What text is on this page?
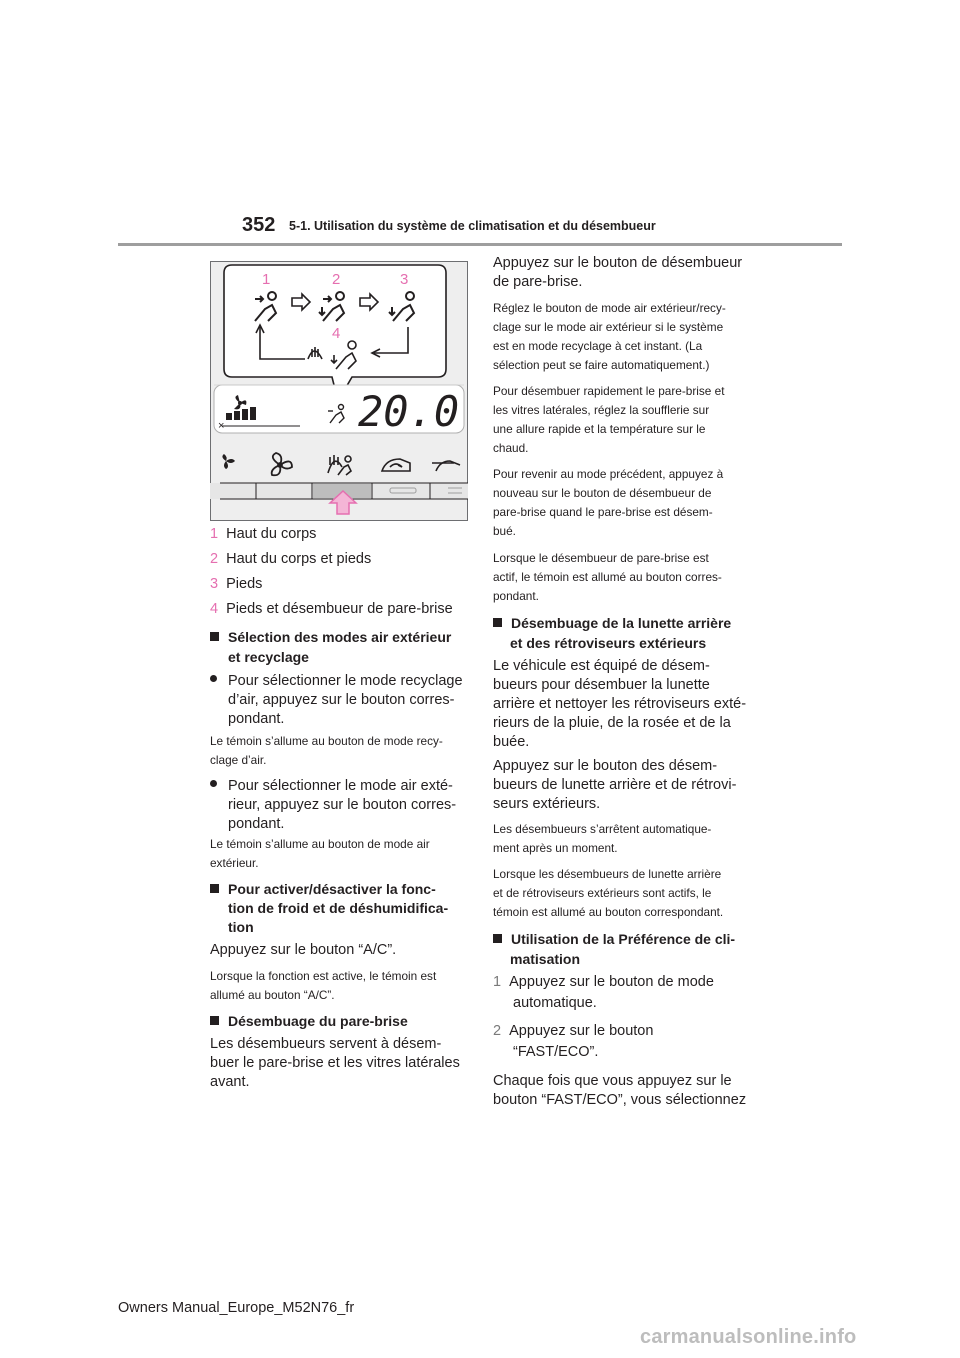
352 5-1. Utilisation du système de climatisation et du désembueur
1	2	3
4
×	20.0
1 Haut du corps
2 Haut du corps et pieds
3 Pieds
4 Pieds et désembueur de pare-brise
Sélection des modes air extérieur
et recyclage
Pour sélectionner le mode recyclage
d’air, appuyez sur le bouton corres-
pondant.
Le témoin s’allume au bouton de mode recy-
clage d’air.
Pour sélectionner le mode air exté-
rieur, appuyez sur le bouton corres-
pondant.
Le témoin s’allume au bouton de mode air
extérieur.
Pour activer/désactiver la fonc-
tion de froid et de déshumidifica-
tion
Appuyez sur le bouton “A/C”.
Lorsque la fonction est active, le témoin est
allumé au bouton “A/C”.
Désembuage du pare-brise
Les désembueurs servent à désem-
buer le pare-brise et les vitres latérales
avant.
Appuyez sur le bouton de désembueur
de pare-brise.
Réglez le bouton de mode air extérieur/recy-
clage sur le mode air extérieur si le système
est en mode recyclage à cet instant. (La
sélection peut se faire automatiquement.)
Pour désembuer rapidement le pare-brise et
les vitres latérales, réglez la soufflerie sur
une allure rapide et la température sur le
chaud.
Pour revenir au mode précédent, appuyez à
nouveau sur le bouton de désembueur de
pare-brise quand le pare-brise est désem-
bué.
Lorsque le désembueur de pare-brise est
actif, le témoin est allumé au bouton corres-
pondant.
Désembuage de la lunette arrière
et des rétroviseurs extérieurs
Le véhicule est équipé de désem-
bueurs pour désembuer la lunette
arrière et nettoyer les rétroviseurs exté-
rieurs de la pluie, de la rosée et de la
buée.
Appuyez sur le bouton des désem-
bueurs de lunette arrière et de rétrovi-
seurs extérieurs.
Les désembueurs s’arrêtent automatique-
ment après un moment.
Lorsque les désembueurs de lunette arrière
et de rétroviseurs extérieurs sont actifs, le
témoin est allumé au bouton correspondant.
Utilisation de la Préférence de cli-
matisation
1 Appuyez sur le bouton de mode
automatique.
2 Appuyez sur le bouton
“FAST/ECO”.
Chaque fois que vous appuyez sur le
bouton “FAST/ECO”, vous sélectionnez
Owners Manual_Europe_M52N76_fr
carmanualsonline.info
